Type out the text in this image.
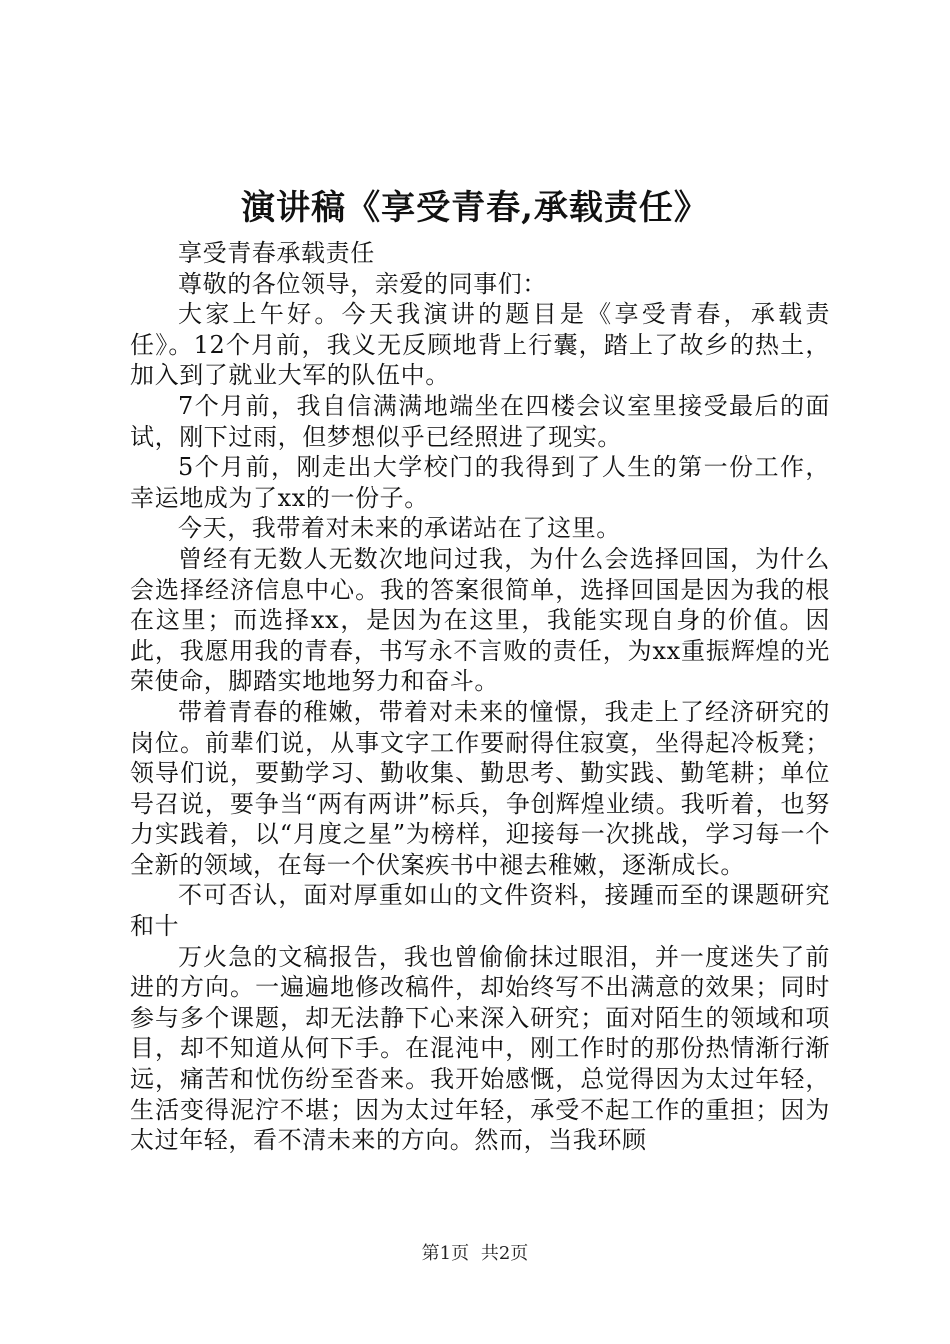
演讲稿《享受青春,承载责任》

享受青春承载责任

尊敬的各位领导，亲爱的同事们：

大家上午好。今天我演讲的题目是《享受青春，承载责任》。12个月前，我义无反顾地背上行囊，踏上了故乡的热土，加入到了就业大军的队伍中。

7个月前，我自信满满地端坐在四楼会议室里接受最后的面试，刚下过雨，但梦想似乎已经照进了现实。

5个月前，刚走出大学校门的我得到了人生的第一份工作，幸运地成为了xx的一份子。

今天，我带着对未来的承诺站在了这里。

曾经有无数人无数次地问过我，为什么会选择回国，为什么会选择经济信息中心。我的答案很简单，选择回国是因为我的根在这里；而选择xx，是因为在这里，我能实现自身的价值。因此，我愿用我的青春，书写永不言败的责任，为xx重振辉煌的光荣使命，脚踏实地地努力和奋斗。

带着青春的稚嫩，带着对未来的憧憬，我走上了经济研究的岗位。前辈们说，从事文字工作要耐得住寂寞，坐得起冷板凳；领导们说，要勤学习、勤收集、勤思考、勤实践、勤笔耕；单位号召说，要争当“两有两讲”标兵，争创辉煌业绩。我听着，也努力实践着，以“月度之星”为榜样，迎接每一次挑战，学习每一个全新的领域，在每一个伏案疾书中褪去稚嫩，逐渐成长。

不可否认，面对厚重如山的文件资料，接踵而至的课题研究和十

万火急的文稿报告，我也曾偷偷抹过眼泪，并一度迷失了前进的方向。一遍遍地修改稿件，却始终写不出满意的效果；同时参与多个课题，却无法静下心来深入研究；面对陌生的领域和项目，却不知道从何下手。在混沌中，刚工作时的那份热情渐行渐远，痛苦和忧伤纷至沓来。我开始感慨，总觉得因为太过年轻，生活变得泥泞不堪；因为太过年轻，承受不起工作的重担；因为太过年轻，看不清未来的方向。然而，当我环顾

第1页 共2页
